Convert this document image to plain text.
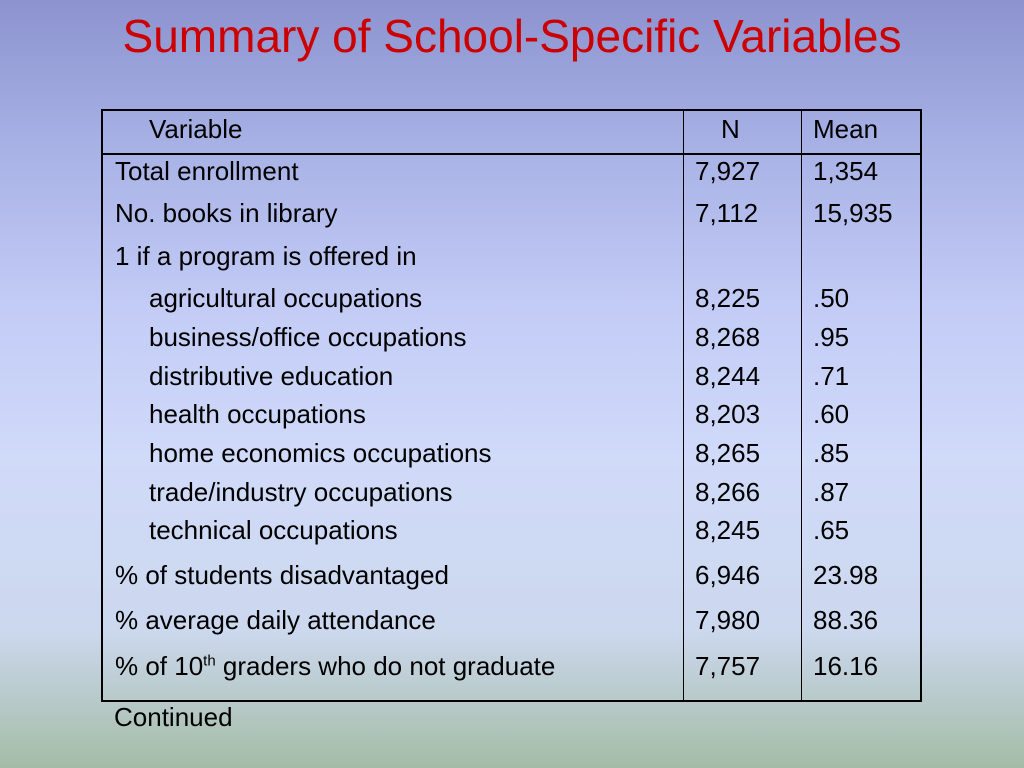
Summary of School-Specific Variables
Variable	N	Mean
Total enrollment	7,927 1,354
No. books in library	7,112 15,935
1 if a program is offered in
agricultural occupations	8,225 .50
business/office occupations	8,268 .95
distributive education	8,244 .71
health occupations	8,203 .60
home economics occupations	8,265 .85
trade/industry occupations	8,266 .87
technical occupations	8,245 .65
% of students disadvantaged	6,946 23.98
% average daily attendance	7,980 88.36
% of 10th graders who do not graduate	7,757 16.16
Continued
